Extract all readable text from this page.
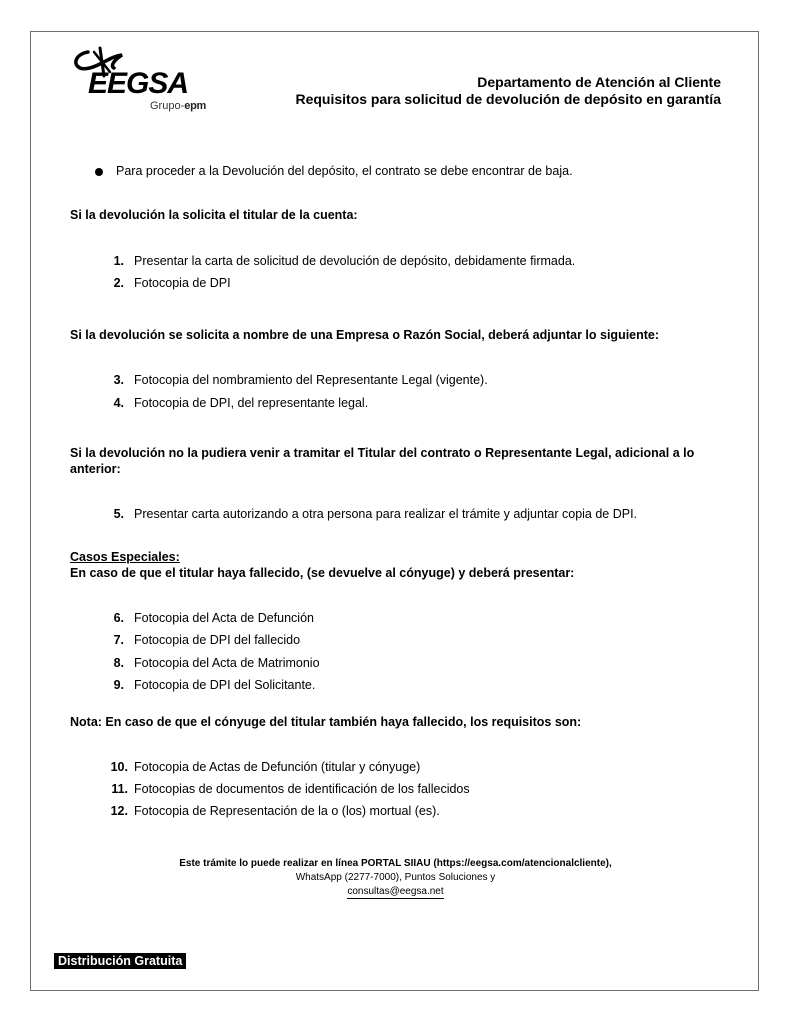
EEGSA
Grupo-epm
Departamento de Atención al Cliente
Requisitos para solicitud de devolución de depósito en garantía
Para proceder a la Devolución del depósito, el contrato se debe encontrar de baja.
Si la devolución la solicita el titular de la cuenta:
1. Presentar la carta de solicitud de devolución de depósito, debidamente firmada.
2. Fotocopia de DPI
Si la devolución se solicita a nombre de una Empresa o Razón Social, deberá adjuntar lo siguiente:
3. Fotocopia del nombramiento del Representante Legal (vigente).
4. Fotocopia de DPI, del representante legal.
Si la devolución no la pudiera venir a tramitar el Titular del contrato o Representante Legal, adicional a lo
anterior:
5. Presentar carta autorizando a otra persona para realizar el trámite y adjuntar copia de DPI.
Casos Especiales:
En caso de que el titular haya fallecido, (se devuelve al cónyuge) y deberá presentar:
6. Fotocopia del Acta de Defunción
7. Fotocopia de DPI del fallecido
8. Fotocopia del Acta de Matrimonio
9. Fotocopia de DPI del Solicitante.
Nota: En caso de que el cónyuge del titular también haya fallecido, los requisitos son:
10. Fotocopia de Actas de Defunción (titular y cónyuge)
11. Fotocopias de documentos de identificación de los fallecidos
12. Fotocopia de Representación de la o (los) mortual (es).
Este trámite lo puede realizar en línea PORTAL SIIAU (https://eegsa.com/atencionalcliente),
WhatsApp (2277-7000), Puntos Soluciones y
consultas@eegsa.net
Distribución Gratuita
